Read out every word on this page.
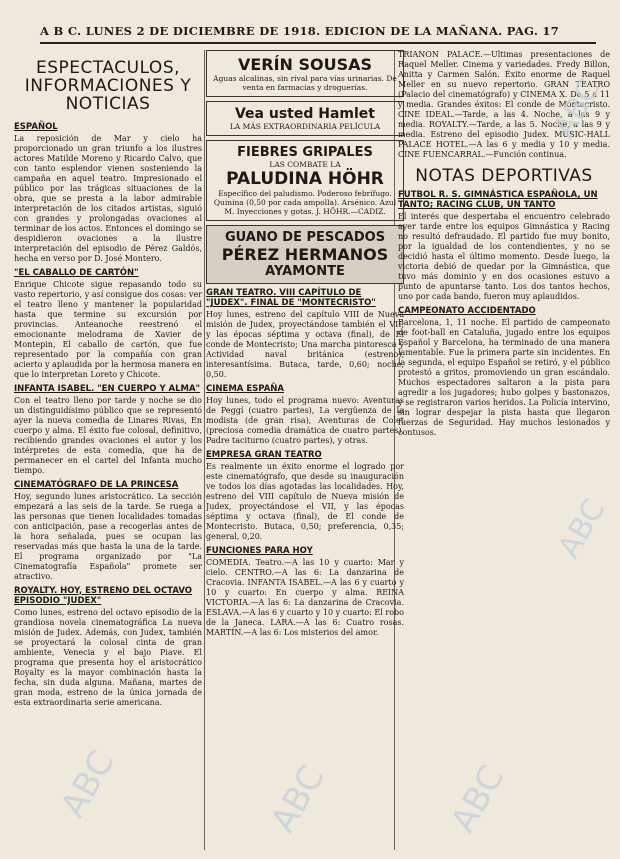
A B C. LUNES 2 DE DICIEMBRE DE 1918. EDICION DE LA MAÑANA. PAG. 17
ESPECTACULOS, INFORMACIONES Y NOTICIAS
ESPAÑOL
La reposición de Mar y cielo ha proporcionado un gran triunfo a los ilustres actores Matilde Moreno y Ricardo Calvo, que con tanto esplendor vienen sosteniendo la campaña en aquel teatro. Impresionado el público por las trágicas situaciones de la obra, que se presta a la labor admirable interpretación de los citados artistas, siguió con grandes y prolongadas ovaciones al terminar de los actos. Entonces el domingo se despidieron ovaciones a la ilustre interpretación del episodio de Pérez Galdós, hecha en verso por D. José Montero.
"EL CABALLO DE CARTÓN"
Enrique Chicote sigue repasando todo su vasto repertorio, y así consigue dos cosas: ver el teatro lleno y mantener la popularidad hasta que termine su excursión por provincias. Anteanoche reestrenó el emocionante melodrama de Xavier de Montepin, El caballo de cartón, que fue representado por la compañía con gran acierto y aplaudida por la hermosa manera en que lo interpretan Loreto y Chicote.
INFANTA ISABEL. "EN CUERPO Y ALMA"
Con el teatro lleno por tarde y noche se dio un distinguidísimo público que se representó ayer la nueva comedia de Linares Rivas, En cuerpo y alma. El éxito fue colosal, definitivo, recibiendo grandes ovaciones el autor y los intérpretes de esta comedia, que ha de permanecer en el cartel del Infanta mucho tiempo.
CINEMATÓGRAFO DE LA PRINCESA
Hoy, segundo lunes aristocrático. La sección empezará a las seis de la tarde. Se ruega a las personas que tienen localidades tomadas con anticipación, pase a recogerlas antes de la hora señalada, pues se ocupan las reservadas más que hasta la una de la tarde. El programa organizado por "La Cinematografía Española" promete ser atractivo.
ROYALTY. HOY, ESTRENO DEL OCTAVO EPISODIO "JUDEX"
Como lunes, estreno del octavo episodio de la grandiosa novela cinematográfica La nueva misión de Judex. Además, con Judex, también se proyectará la colosal cinta de gran ambiente, Venecia y el bajo Piave. El programa que presenta hoy el aristocrático Royalty es la mayor combinación hasta la fecha, sin duda alguna. Mañana, martes de gran moda, estreno de la única jornada de esta extraordinaria serie americana.
VERÍN SOUSAS
Aguas alcalinas, sin rival para vías urinarias. De venta en farmacias y droguerías.
Vea usted Hamlet
LA MÁS EXTRAORDINARIA PELÍCULA
FIEBRES GRIPALES
LAS COMBATE LA
PALUDINA HÖHR
Específico del paludismo. Poderoso febrífugo. Quinina (0,50 por cada ampolla). Arsénico. Azul M. Inyecciones y gotas. J. HÖHR.—CADIZ.
GUANO DE PESCADOS
PÉREZ HERMANOS
AYAMONTE
GRAN TEATRO. VIII CAPÍTULO DE "JUDEX". FINAL DE "MONTECRISTO"
Hoy lunes, estreno del capítulo VIII de Nueva misión de Judex, proyectándose también el VII, y las épocas séptima y octava (final), de El conde de Montecristo; Una marcha pintoresca y Actividad naval británica (estreno), interesantísima. Butaca, tarde, 0,60; noche, 0,50.
CINEMA ESPAÑA
Hoy lunes, todo el programa nuevo: Aventuras de Peggí (cuatro partes), La vergüenza de la modista (de gran risa), Aventuras de Colet (preciosa comedia dramática de cuatro partes), Padre taciturno (cuatro partes), y otras.
EMPRESA GRAN TEATRO
Es realmente un éxito enorme el logrado por este cinematógrafo, que desde su inauguración ve todos los días agotadas las localidades. Hoy, estreno del VIII capítulo de Nueva misión de Judex, proyectándose el VII, y las épocas séptima y octava (final), de El conde de Montecristo. Butaca, 0,50; preferencia, 0,35; general, 0,20.
FUNCIONES PARA HOY
COMEDIA. Teatro.—A las 10 y cuarto: Mar y cielo. CENTRO.—A las 6: La danzarina de Cracovia. INFANTA ISABEL.—A las 6 y cuarto y 10 y cuarto: En cuerpo y alma. REINA VICTORIA.—A las 6: La danzarina de Cracovia. ESLAVA.—A las 6 y cuarto y 10 y cuarto: El robo de la Janeca. LARA.—A las 6: Cuatro rosas. MARTÍN.—A las 6: Los misterios del amor.
TRIANON PALACE.—Últimas presentaciones de Raquel Meller. Cinema y variedades. Fredy Billon, Anitta y Carmen Salón. Éxito enorme de Raquel Meller en su nuevo repertorio. GRAN TEATRO (Palacio del cinematógrafo) y CINEMA X. De 5 a 11 y media. Grandes éxitos: El conde de Montecristo. CINE IDEAL.—Tarde, a las 4. Noche, a las 9 y media. ROYALTY.—Tarde, a las 5. Noche, a las 9 y media. Estreno del episodio Judex. MUSIC-HALL PALACE HOTEL.—A las 6 y media y 10 y media. CINE FUENCARRAL.—Función continua.
NOTAS DEPORTIVAS
FUTBOL R. S. GIMNÁSTICA ESPAÑOLA, UN TANTO; RACING CLUB, UN TANTO
El interés que despertaba el encuentro celebrado ayer tarde entre los equipos Gimnástica y Racing no resultó defraudado. El partido fue muy bonito, por la igualdad de los contendientes, y no se decidió hasta el último momento. Desde luego, la victoria debió de quedar por la Gimnástica, que tuvo más dominio y en dos ocasiones estuvo a punto de apuntarse tanto. Los dos tantos hechos, uno por cada bando, fueron muy aplaudidos.
CAMPEONATO ACCIDENTADO
Barcelona, 1, 11 noche. El partido de campeonato de foot-ball en Cataluña, jugado entre los equipos Español y Barcelona, ha terminado de una manera lamentable. Fue la primera parte sin incidentes. En la segunda, el equipo Español se retiró, y el público protestó a gritos, promoviendo un gran escándalo. Muchos espectadores saltaron a la pista para agredir a los jugadores; hubo golpes y bastonazos, y se registraron varios heridos. La Policía intervino, sin lograr despejar la pista hasta que llegaron fuerzas de Seguridad. Hay muchos lesionados y contusos.
ABC	ABC	ABC
ABC
ABC
